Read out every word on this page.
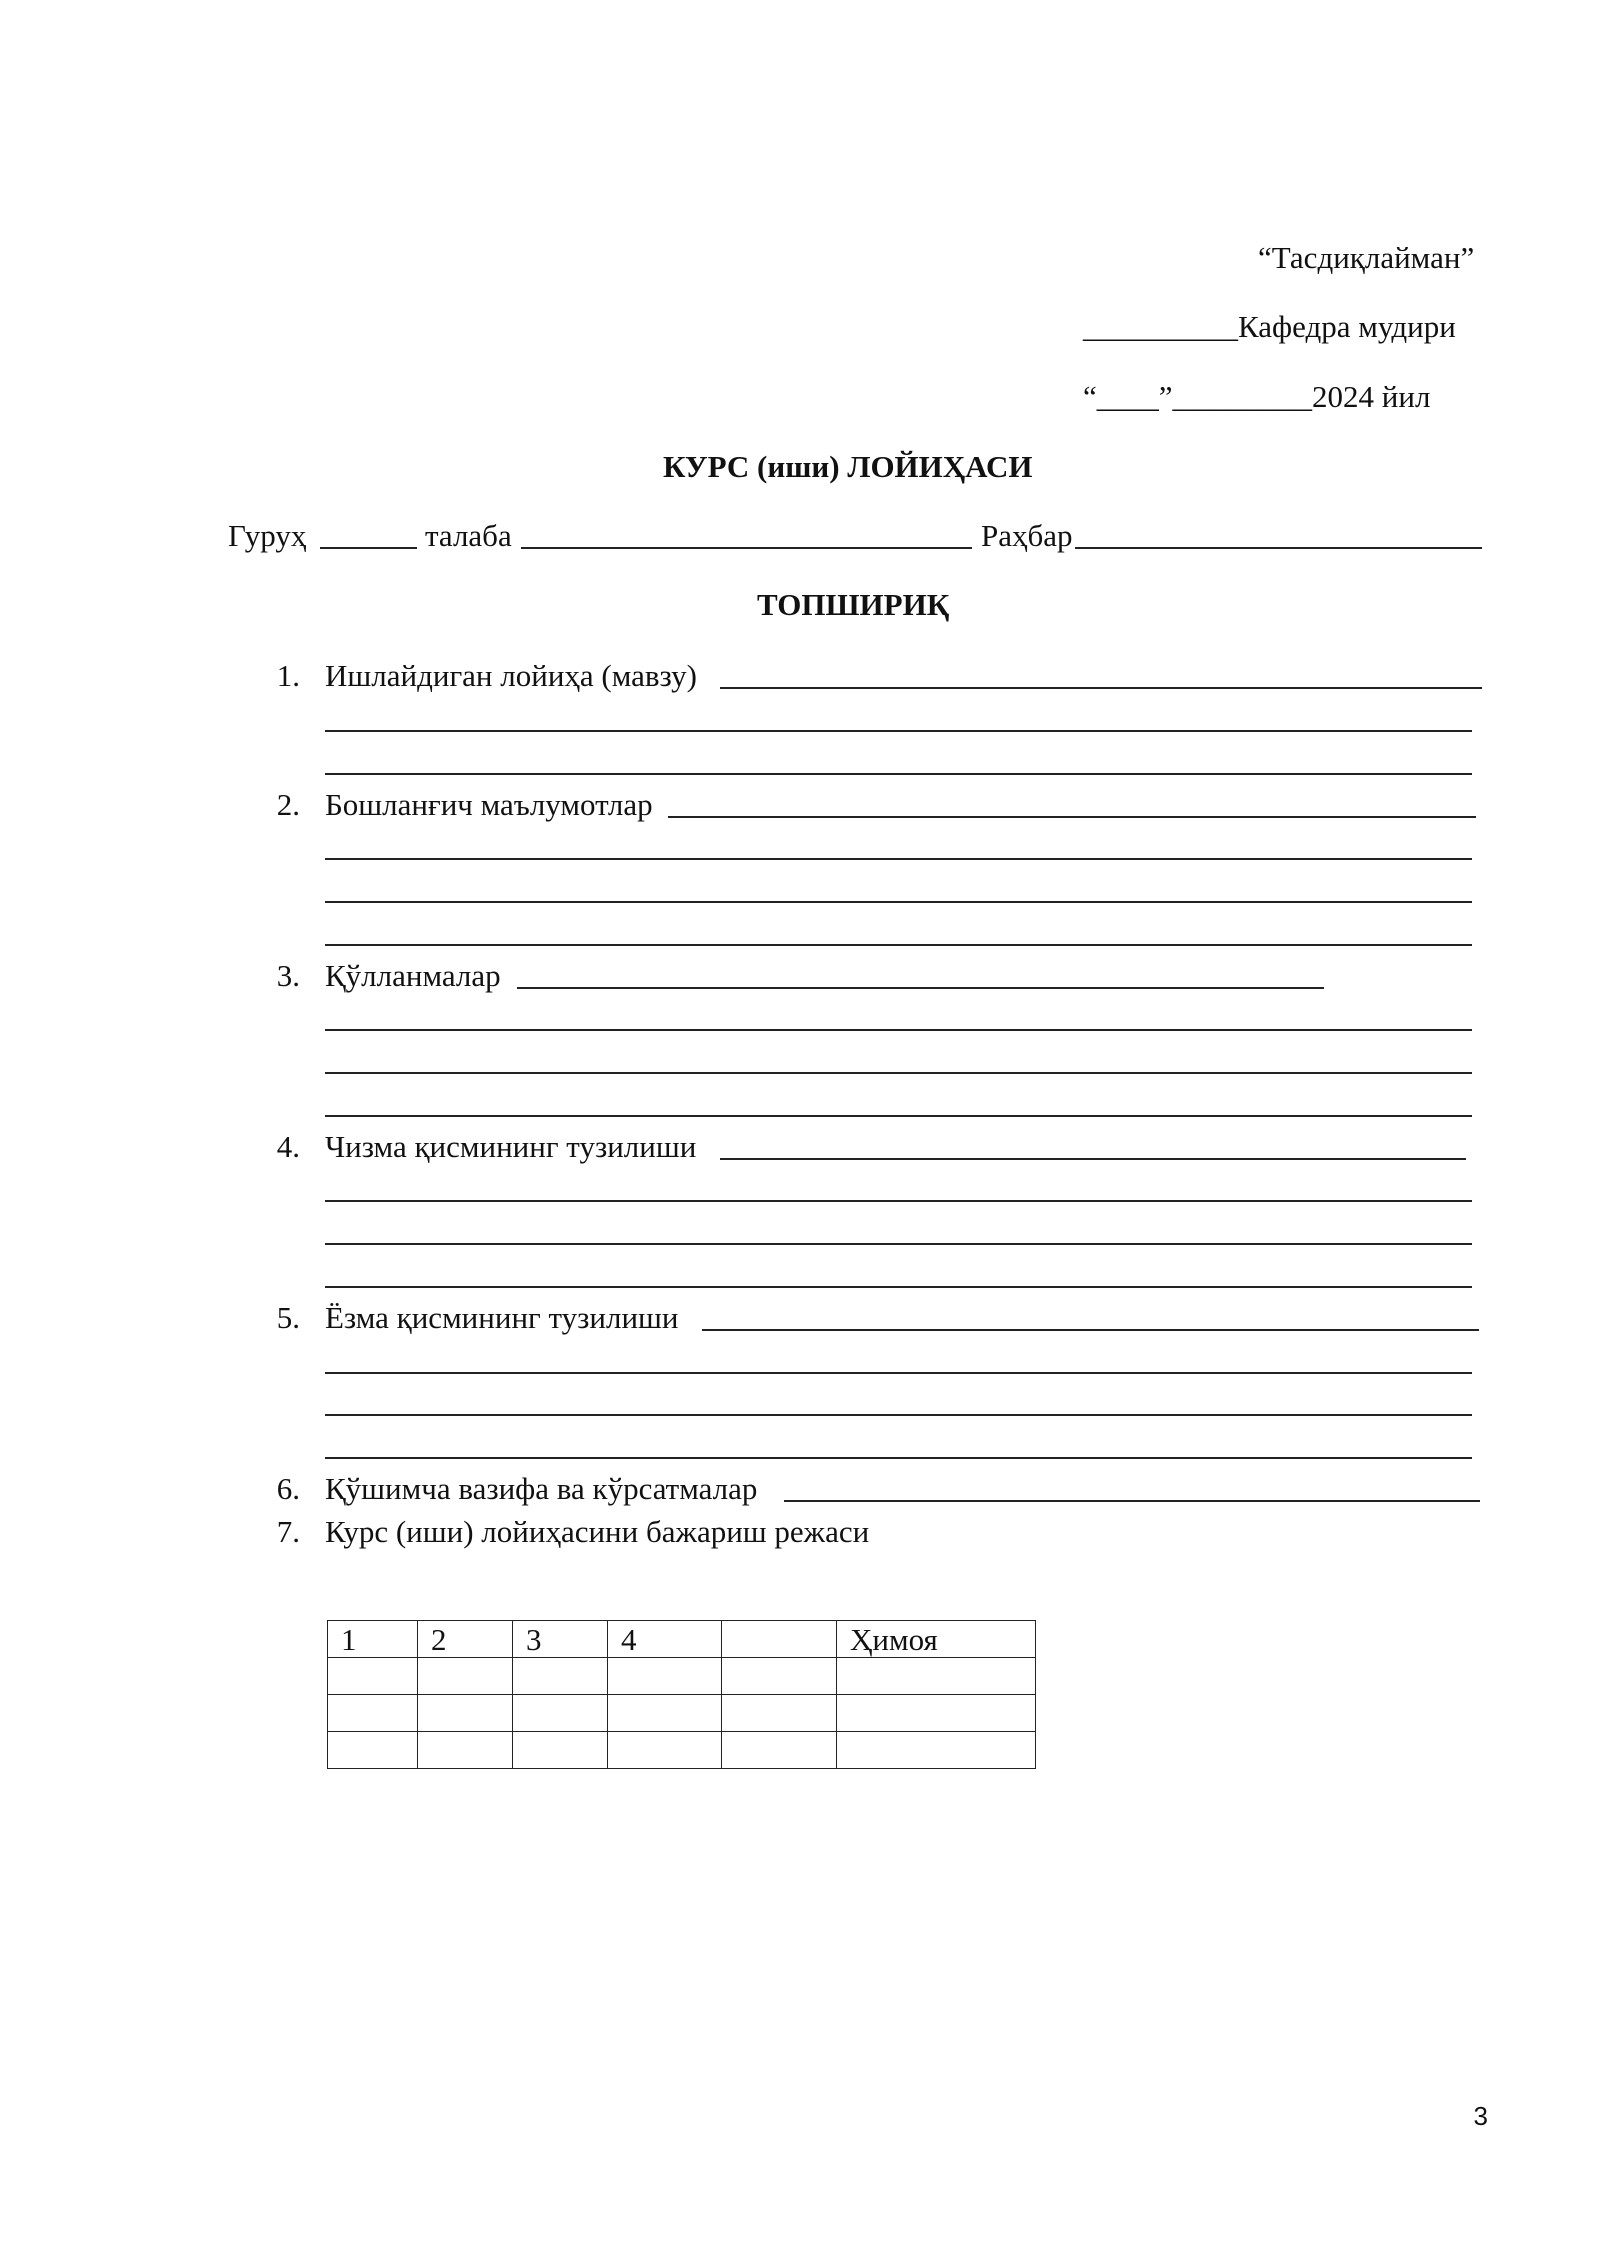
“Тасдиқлайман”
__________Кафедра мудири
“____”_________2024 йил
КУРС (иши) ЛОЙИҲАСИ
Гуруҳ	талаба	Раҳбар
ТОПШИРИҚ
1. Ишлайдиган лойиҳа (мавзу)
2. Бошланғич маълумотлар
3. Қўлланмалар
4. Чизма қисмининг тузилиши
5. Ёзма қисмининг тузилиши
6. Қўшимча вазифа ва кўрсатмалар
7. Курс (иши) лойиҳасини бажариш режаси
1	2	3	4		Ҳимоя

3
